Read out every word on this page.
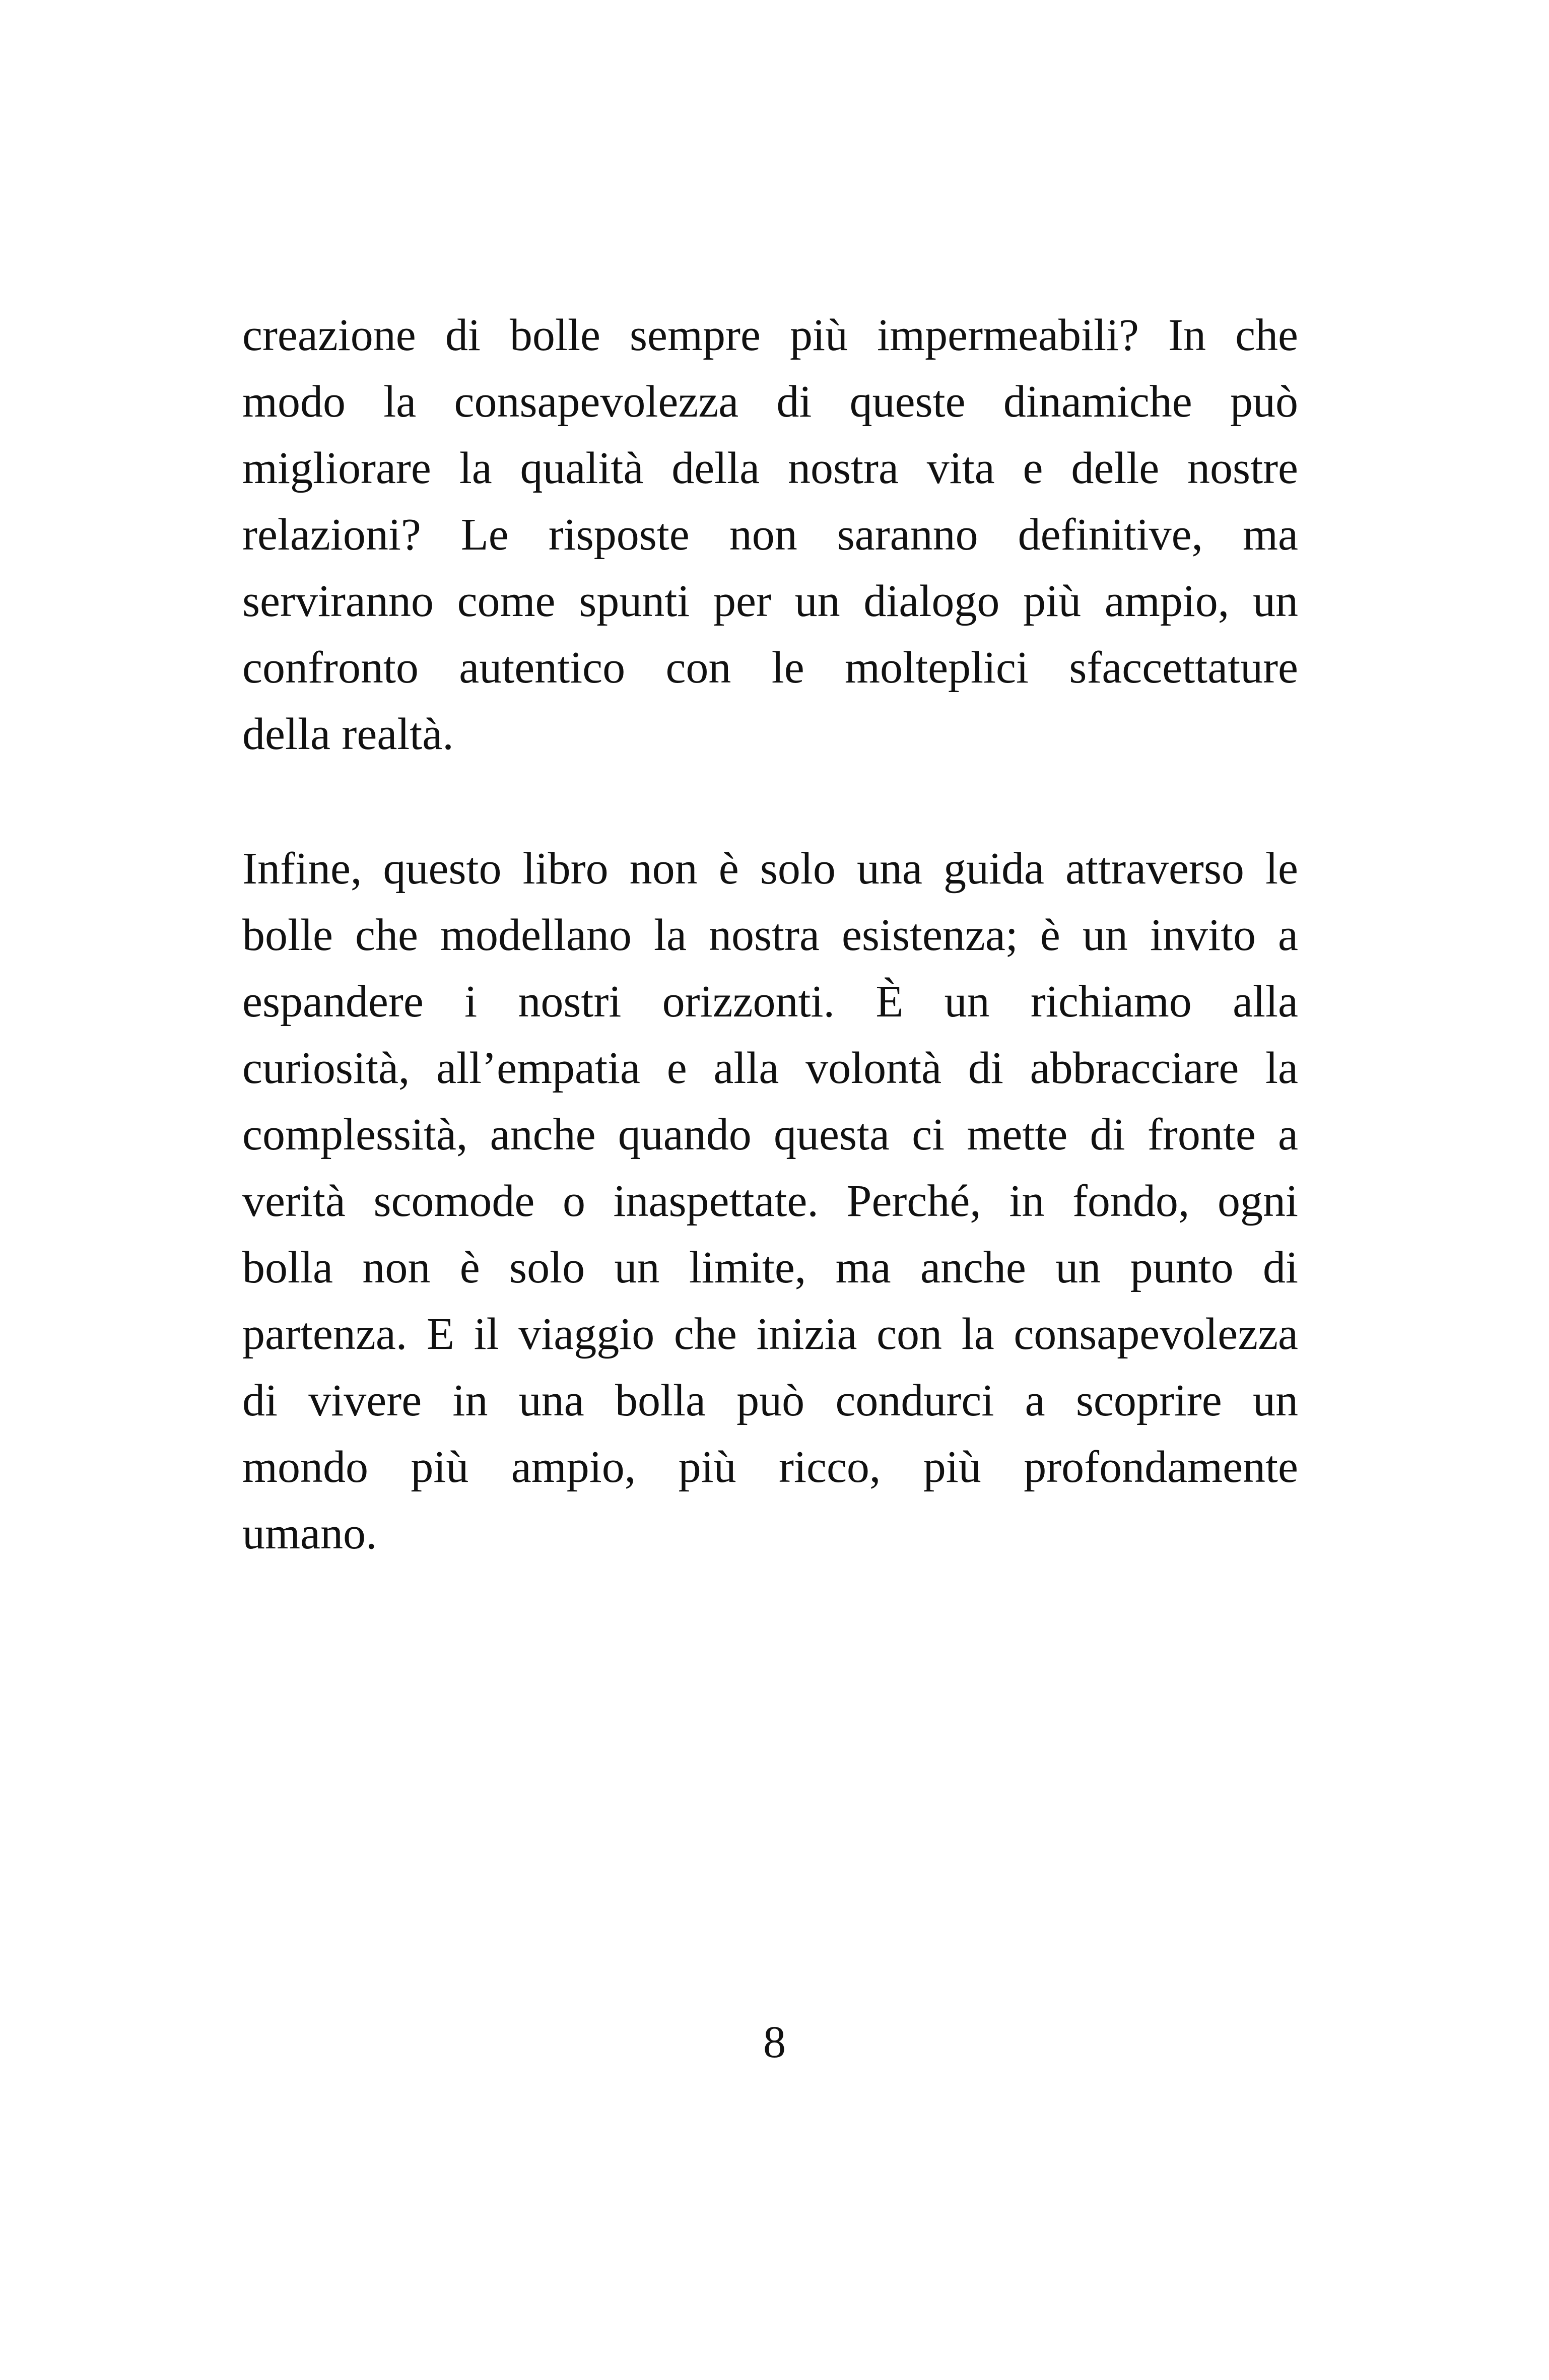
creazione di bolle sempre più impermeabili? In che
modo la consapevolezza di queste dinamiche può
migliorare la qualità della nostra vita e delle nostre
relazioni? Le risposte non saranno definitive, ma
serviranno come spunti per un dialogo più ampio, un
confronto autentico con le molteplici sfaccettature
della realtà.
Infine, questo libro non è solo una guida attraverso le
bolle che modellano la nostra esistenza; è un invito a
espandere i nostri orizzonti. È un richiamo alla
curiosità, all’empatia e alla volontà di abbracciare la
complessità, anche quando questa ci mette di fronte a
verità scomode o inaspettate. Perché, in fondo, ogni
bolla non è solo un limite, ma anche un punto di
partenza. E il viaggio che inizia con la consapevolezza
di vivere in una bolla può condurci a scoprire un
mondo più ampio, più ricco, più profondamente
umano.
8
